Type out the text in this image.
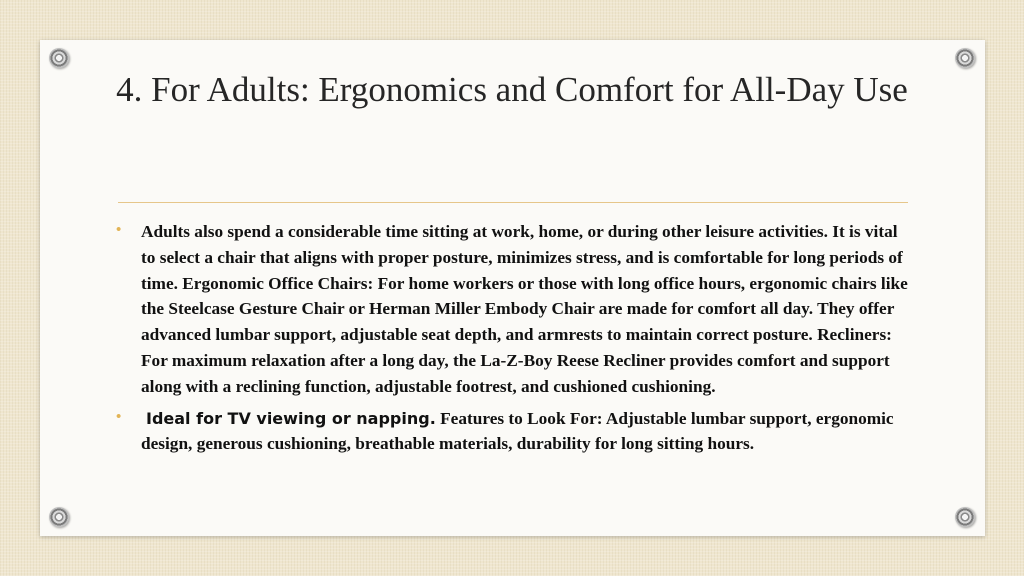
4. For Adults: Ergonomics and Comfort for All-Day Use
• Adults also spend a considerable time sitting at work, home, or during other leisure activities. It is vital to select a chair that aligns with proper posture, minimizes stress, and is comfortable for long periods of time. Ergonomic Office Chairs: For home workers or those with long office hours, ergonomic chairs like the Steelcase Gesture Chair or Herman Miller Embody Chair are made for comfort all day. They offer advanced lumbar support, adjustable seat depth, and armrests to maintain correct posture. Recliners: For maximum relaxation after a long day, the La-Z-Boy Reese Recliner provides comfort and support along with a reclining function, adjustable footrest, and cushioned cushioning.
• Ideal for TV viewing or napping. Features to Look For: Adjustable lumbar support, ergonomic design, generous cushioning, breathable materials, durability for long sitting hours.
